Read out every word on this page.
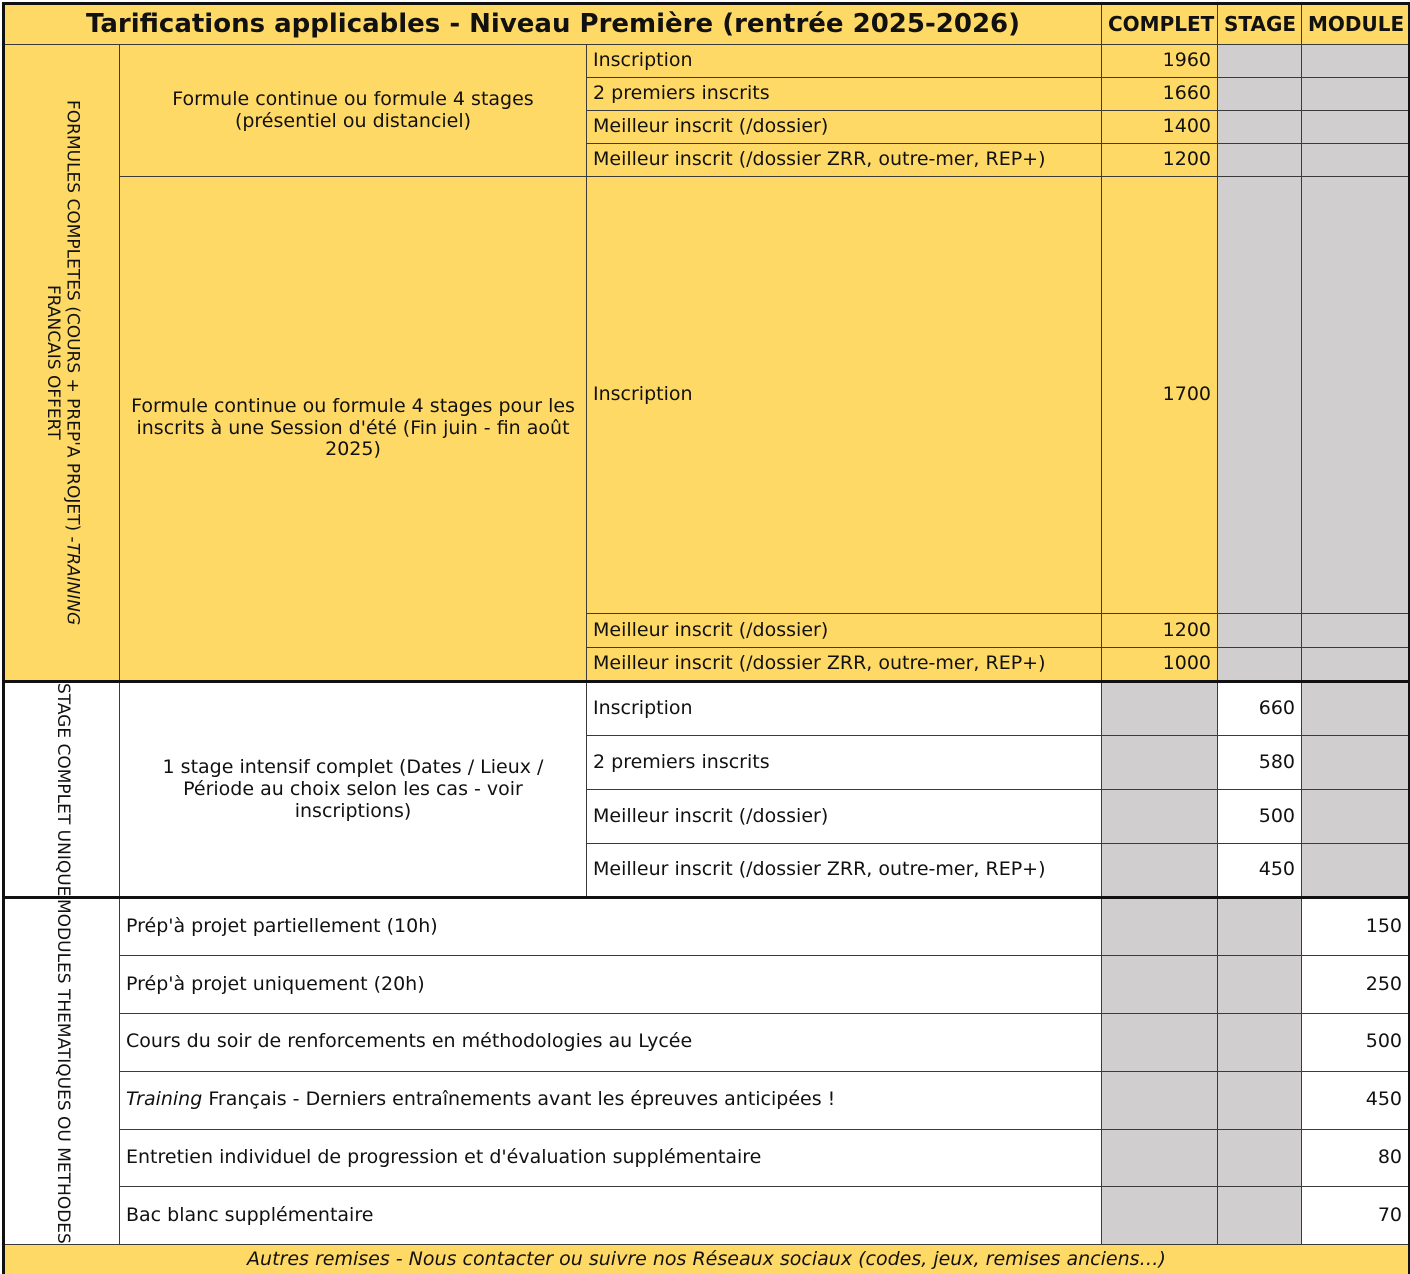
Tarifications applicables - Niveau Première (rentrée 2025-2026)			COMPLET	STAGE	MODULE
FORMULES COMPLETES (COURS + PREP'A PROJET) -TRAININGFRANCAIS OFFERT	Formule continue ou formule 4 stages (présentiel ou distanciel)	Inscription	1960		
		2 premiers inscrits	1660		
		Meilleur inscrit (/dossier)	1400		
		Meilleur inscrit (/dossier ZRR, outre-mer, REP+)	1200		
	Formule continue ou formule 4 stages pour les inscrits à une Session d'été (Fin juin - fin août 2025)	Inscription	1700		
		Meilleur inscrit (/dossier)	1200		
		Meilleur inscrit (/dossier ZRR, outre-mer, REP+)	1000		
STAGE COMPLET UNIQUE	1 stage intensif complet (Dates / Lieux / Période au choix selon les cas - voir inscriptions)	Inscription		660	
		2 premiers inscrits		580	
		Meilleur inscrit (/dossier)		500	
		Meilleur inscrit (/dossier ZRR, outre-mer, REP+)		450	
MODULES THEMATIQUES OU METHODES	Prép'à projet partiellement (10h)				150
	Prép'à projet uniquement (20h)				250
	Cours du soir de renforcements en méthodologies au Lycée				500
	Training Français - Derniers entraînements avant les épreuves anticipées !				450
	Entretien individuel de progression et d'évaluation supplémentaire				80
	Bac blanc supplémentaire				70
